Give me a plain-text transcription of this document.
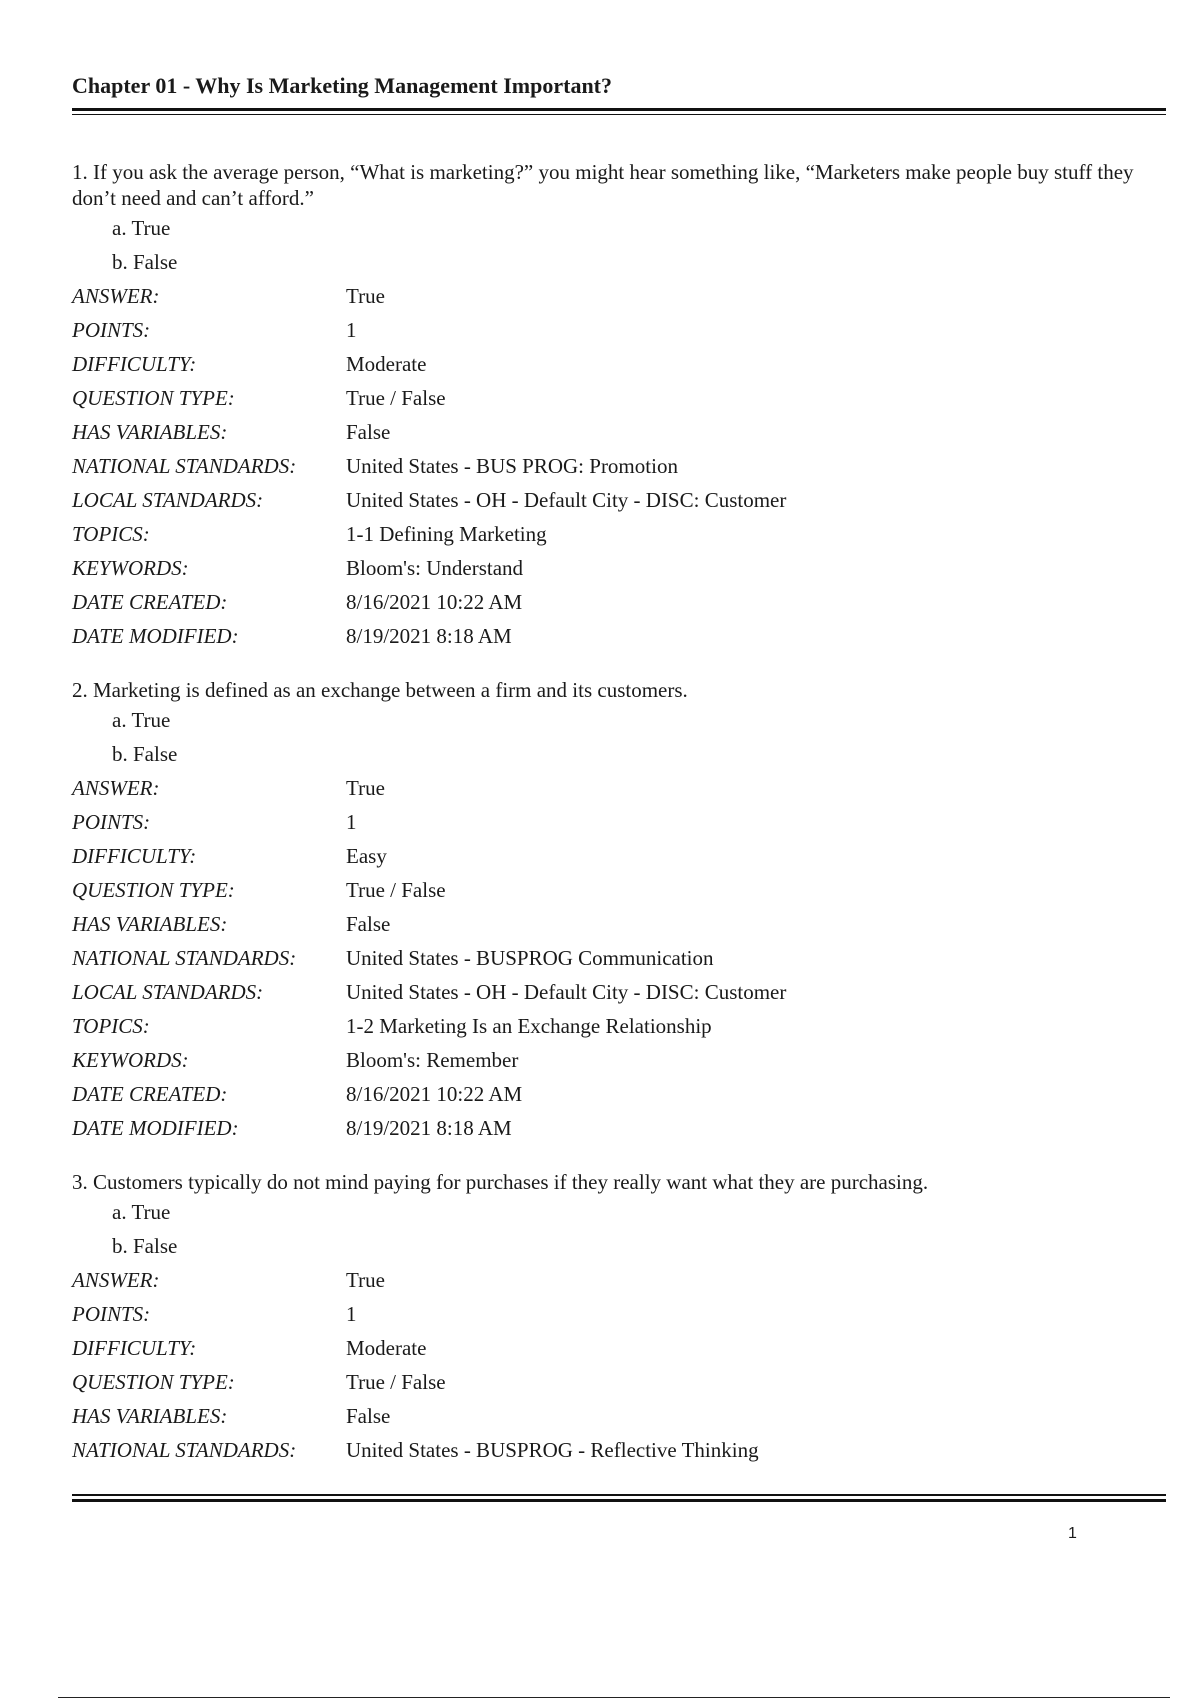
Chapter 01 - Why Is Marketing Management Important?

1. If you ask the average person, “What is marketing?” you might hear something like, “Marketers make people buy stuff they don’t need and can’t afford.”

a. True
b. False
ANSWER:	True
POINTS:	1
DIFFICULTY:	Moderate
QUESTION TYPE:	True / False
HAS VARIABLES:	False
NATIONAL STANDARDS:	United States - BUS PROG: Promotion
LOCAL STANDARDS:	United States - OH - Default City - DISC: Customer
TOPICS:	1-1 Defining Marketing
KEYWORDS:	Bloom's: Understand
DATE CREATED:	8/16/2021 10:22 AM
DATE MODIFIED:	8/19/2021 8:18 AM

2. Marketing is defined as an exchange between a firm and its customers.

a. True
b. False
ANSWER:	True
POINTS:	1
DIFFICULTY:	Easy
QUESTION TYPE:	True / False
HAS VARIABLES:	False
NATIONAL STANDARDS:	United States - BUSPROG Communication
LOCAL STANDARDS:	United States - OH - Default City - DISC: Customer
TOPICS:	1-2 Marketing Is an Exchange Relationship
KEYWORDS:	Bloom's: Remember
DATE CREATED:	8/16/2021 10:22 AM
DATE MODIFIED:	8/19/2021 8:18 AM

3. Customers typically do not mind paying for purchases if they really want what they are purchasing.

a. True
b. False
ANSWER:	True
POINTS:	1
DIFFICULTY:	Moderate
QUESTION TYPE:	True / False
HAS VARIABLES:	False
NATIONAL STANDARDS:	United States - BUSPROG - Reflective Thinking
1
